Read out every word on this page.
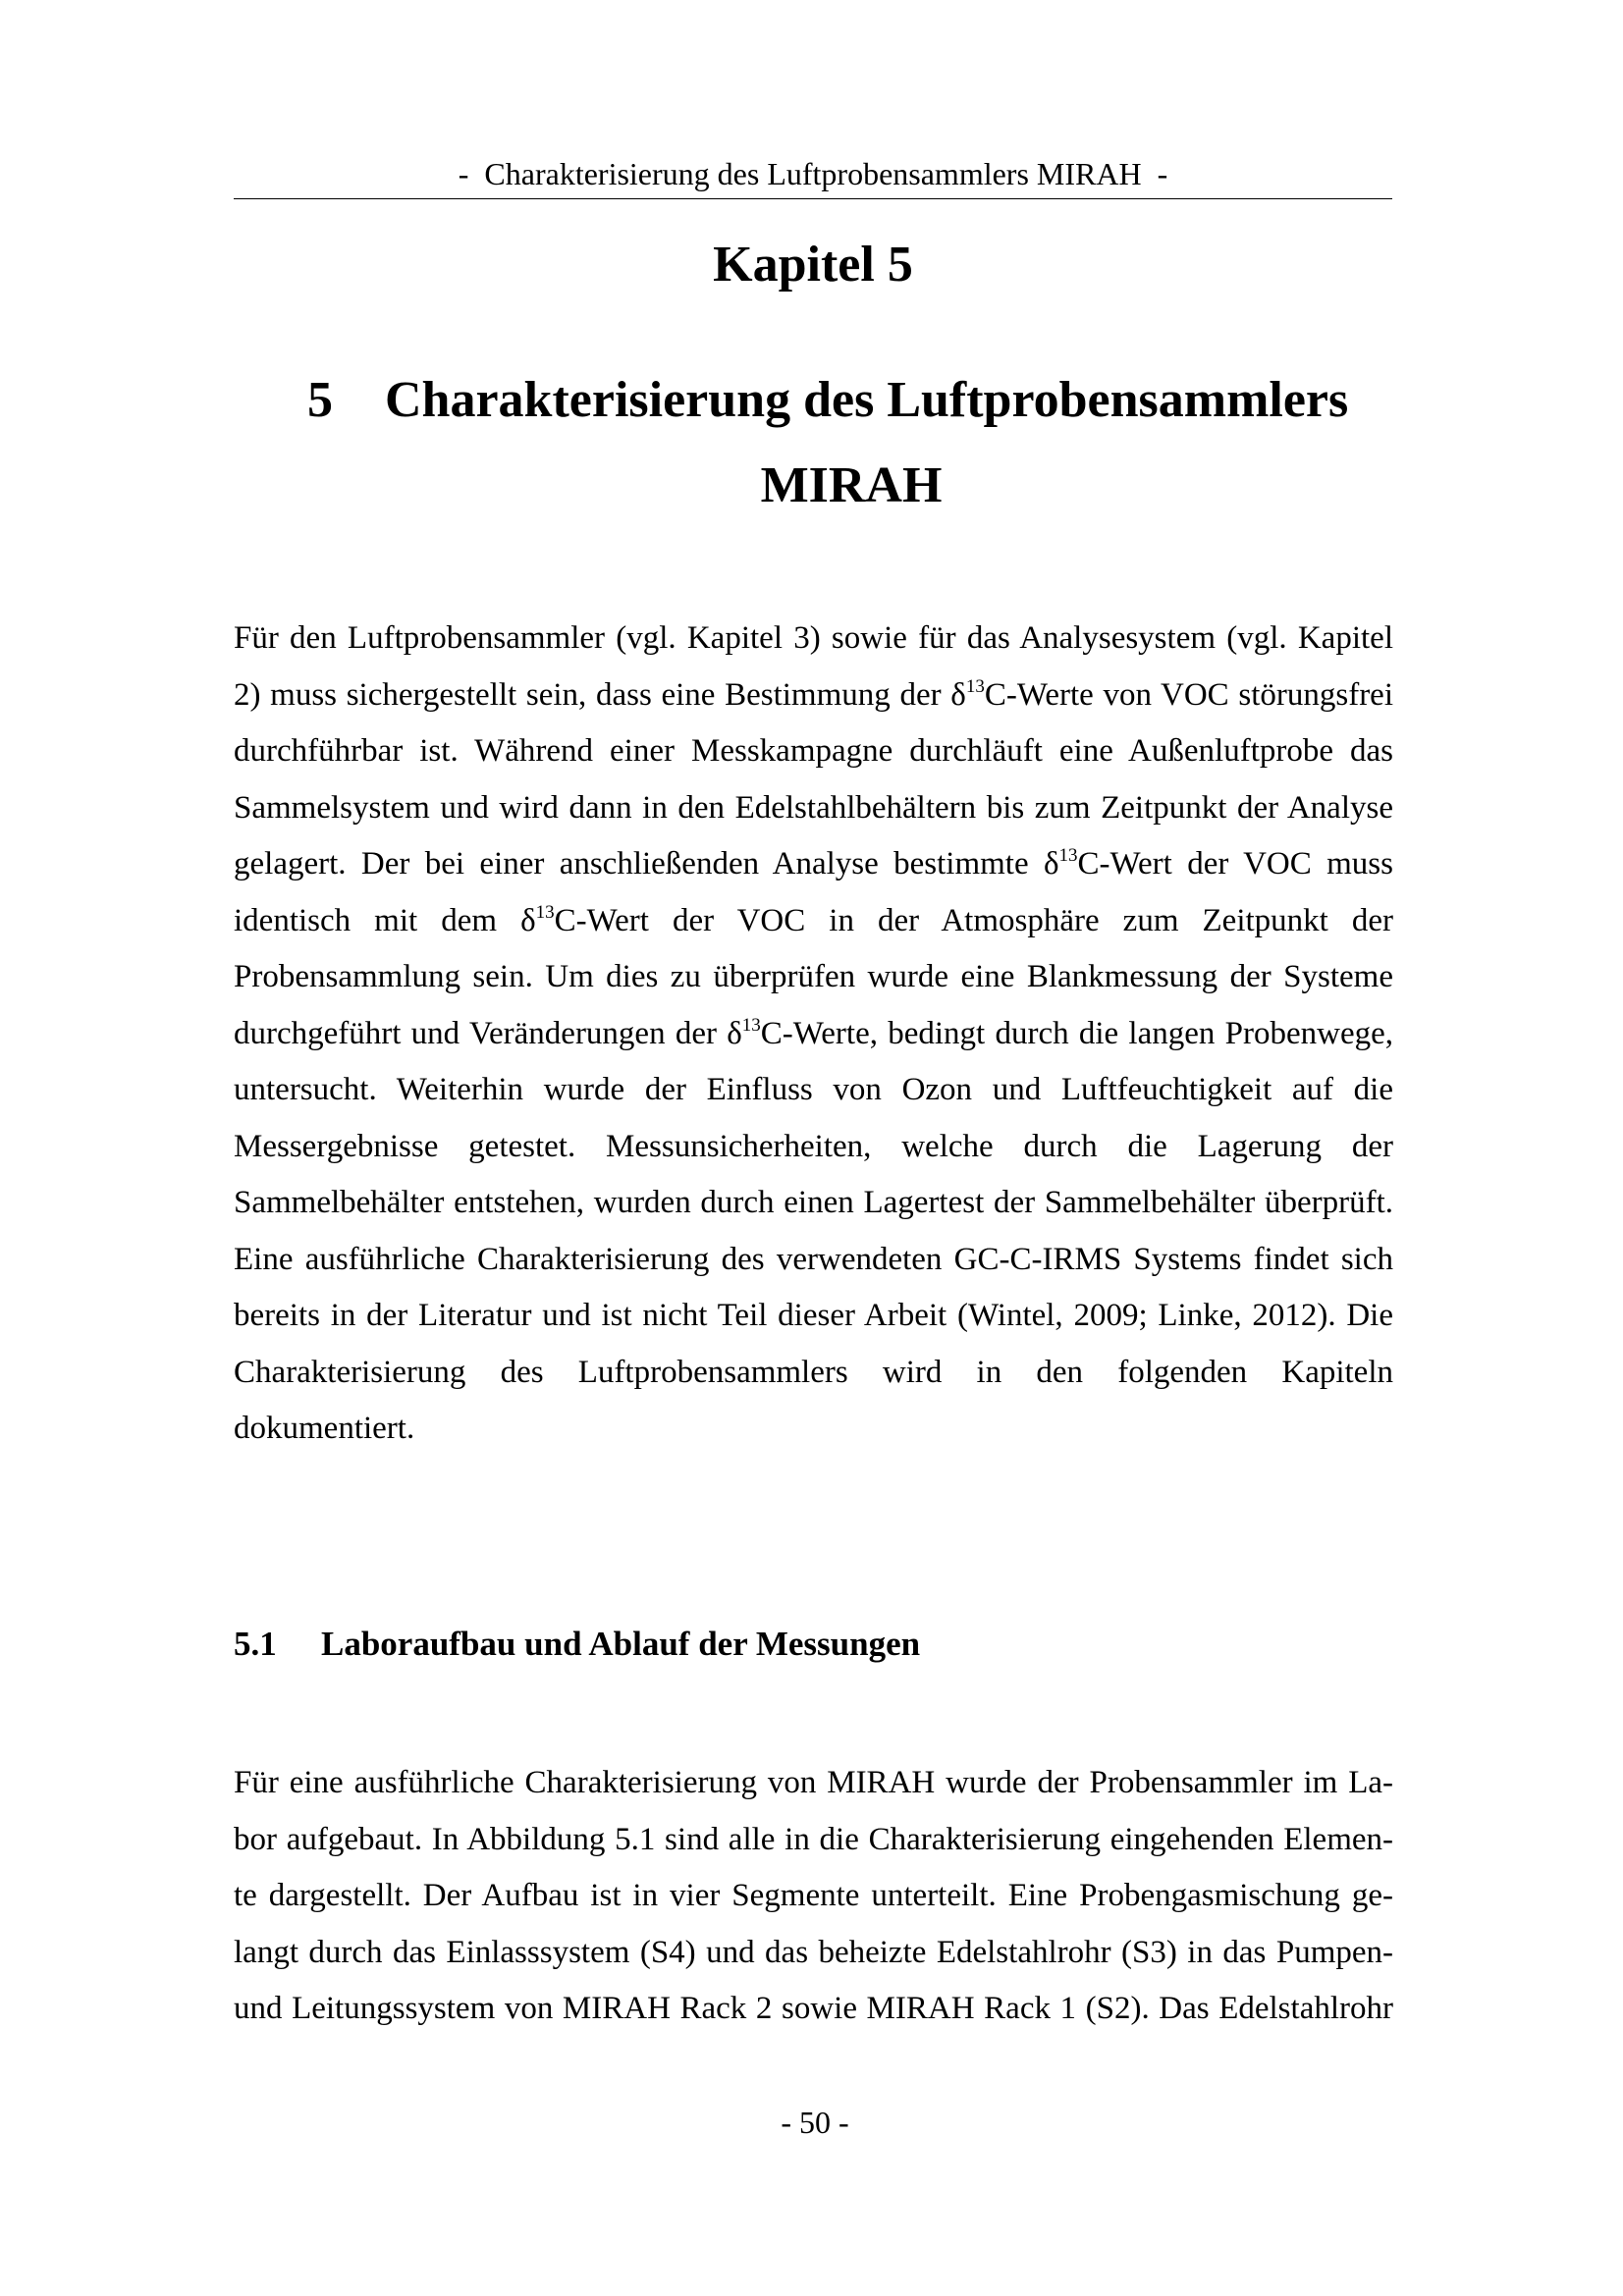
-  Charakterisierung des Luftprobensammlers MIRAH  -
Kapitel 5
5 Charakterisierung des Luftprobensammlers
MIRAH
Für den Luftprobensammler (vgl. Kapitel 3) sowie für das Analysesystem (vgl. Kapitel
2) muss sichergestellt sein, dass eine Bestimmung der $\delta^{13}C$-Werte von VOC störungsfrei
durchführbar ist. Während einer Messkampagne durchläuft eine Außenluftprobe das
Sammelsystem und wird dann in den Edelstahlbehältern bis zum Zeitpunkt der Analyse
gelagert. Der bei einer anschließenden Analyse bestimmte $\delta^{13}C$-Wert der VOC muss
identisch mit dem $\delta^{13}C$-Wert der VOC in der Atmosphäre zum Zeitpunkt der
Probensammlung sein. Um dies zu überprüfen wurde eine Blankmessung der Systeme
durchgeführt und Veränderungen der $\delta^{13}C$-Werte, bedingt durch die langen Probenwege,
untersucht. Weiterhin wurde der Einfluss von Ozon und Luftfeuchtigkeit auf die
Messergebnisse getestet. Messunsicherheiten, welche durch die Lagerung der
Sammelbehälter entstehen, wurden durch einen Lagertest der Sammelbehälter überprüft.
Eine ausführliche Charakterisierung des verwendeten GC-C-IRMS Systems findet sich
bereits in der Literatur und ist nicht Teil dieser Arbeit (Wintel, 2009; Linke, 2012). Die
Charakterisierung des Luftprobensammlers wird in den folgenden Kapiteln
dokumentiert.
5.1 Laboraufbau und Ablauf der Messungen
Für eine ausführliche Charakterisierung von MIRAH wurde der Probensammler im La-
bor aufgebaut. In Abbildung 5.1 sind alle in die Charakterisierung eingehenden Elemen-
te dargestellt. Der Aufbau ist in vier Segmente unterteilt. Eine Probengasmischung ge-
langt durch das Einlasssystem (S4) und das beheizte Edelstahlrohr (S3) in das Pumpen-
und Leitungssystem von MIRAH Rack 2 sowie MIRAH Rack 1 (S2). Das Edelstahlrohr
- 50 -
